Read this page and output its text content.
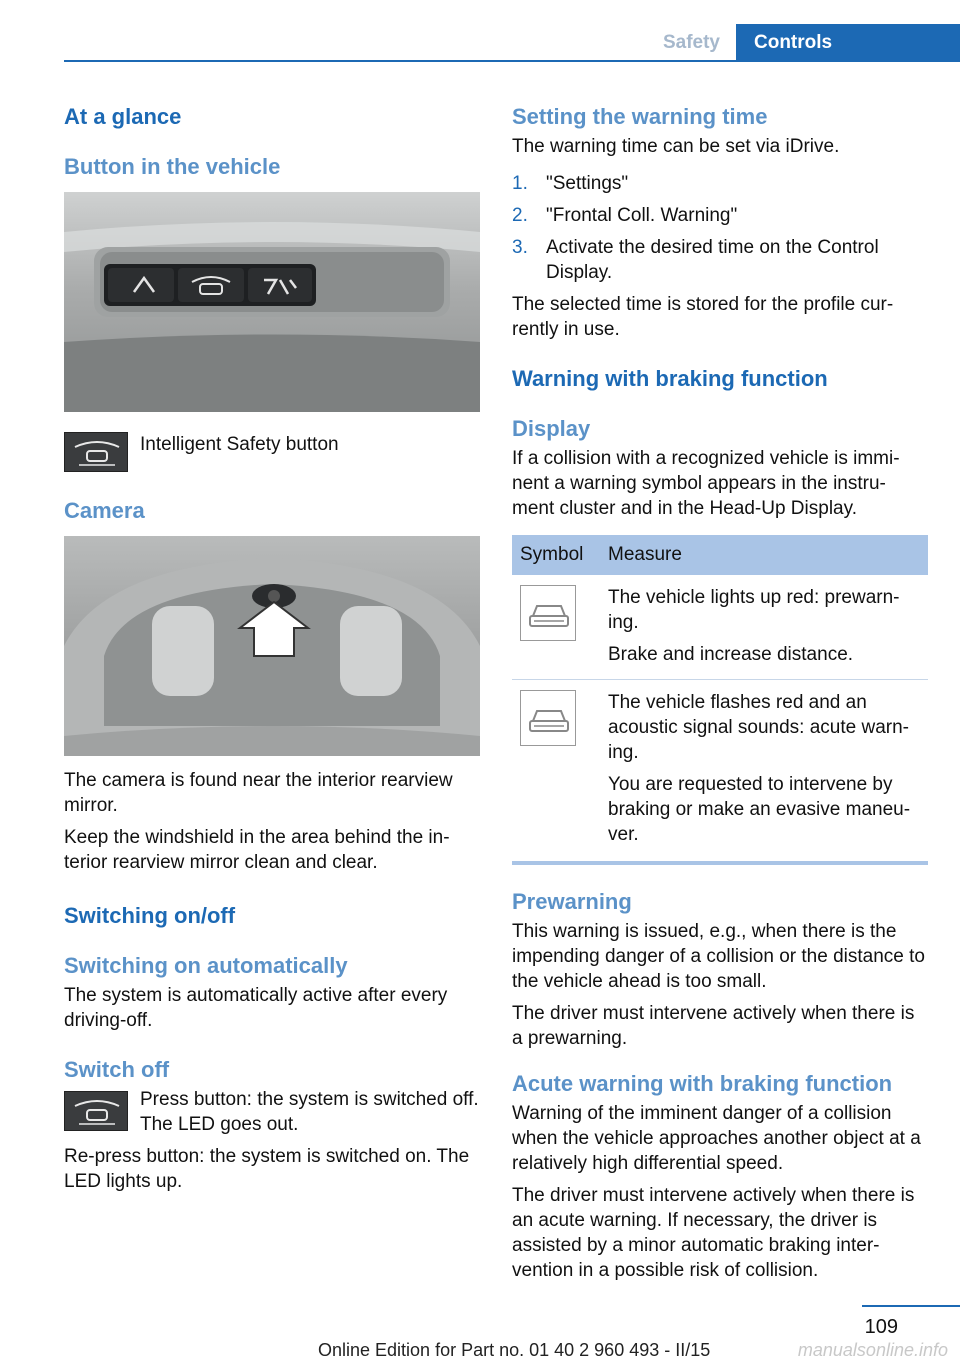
Safety	Controls
At a glance
Button in the vehicle
Intelligent Safety button
Camera
The camera is found near the interior rearview mirror.
Keep the windshield in the area behind the in‐terior rearview mirror clean and clear.
Switching on/off
Switching on automatically
The system is automatically active after every driving-off.
Switch off
Press button: the system is switched off. The LED goes out.
Re-press button: the system is switched on. The LED lights up.
Setting the warning time
The warning time can be set via iDrive.
1. "Settings"
2. "Frontal Coll. Warning"
3. Activate the desired time on the Control Display.
The selected time is stored for the profile cur‐rently in use.
Warning with braking function
Display
If a collision with a recognized vehicle is immi‐nent a warning symbol appears in the instru‐ment cluster and in the Head-Up Display.
Symbol	Measure

The vehicle lights up red: prewarn‐ing.
Brake and increase distance.

The vehicle flashes red and an acoustic signal sounds: acute warn‐ing.
You are requested to intervene by braking or make an evasive maneu‐ver.
Prewarning
This warning is issued, e.g., when there is the impending danger of a collision or the distance to the vehicle ahead is too small.
The driver must intervene actively when there is a prewarning.
Acute warning with braking function
Warning of the imminent danger of a collision when the vehicle approaches another object at a relatively high differential speed.
The driver must intervene actively when there is an acute warning. If necessary, the driver is assisted by a minor automatic braking inter‐vention in a possible risk of collision.
109
Online Edition for Part no. 01 40 2 960 493 - II/15	manualsonline.info
